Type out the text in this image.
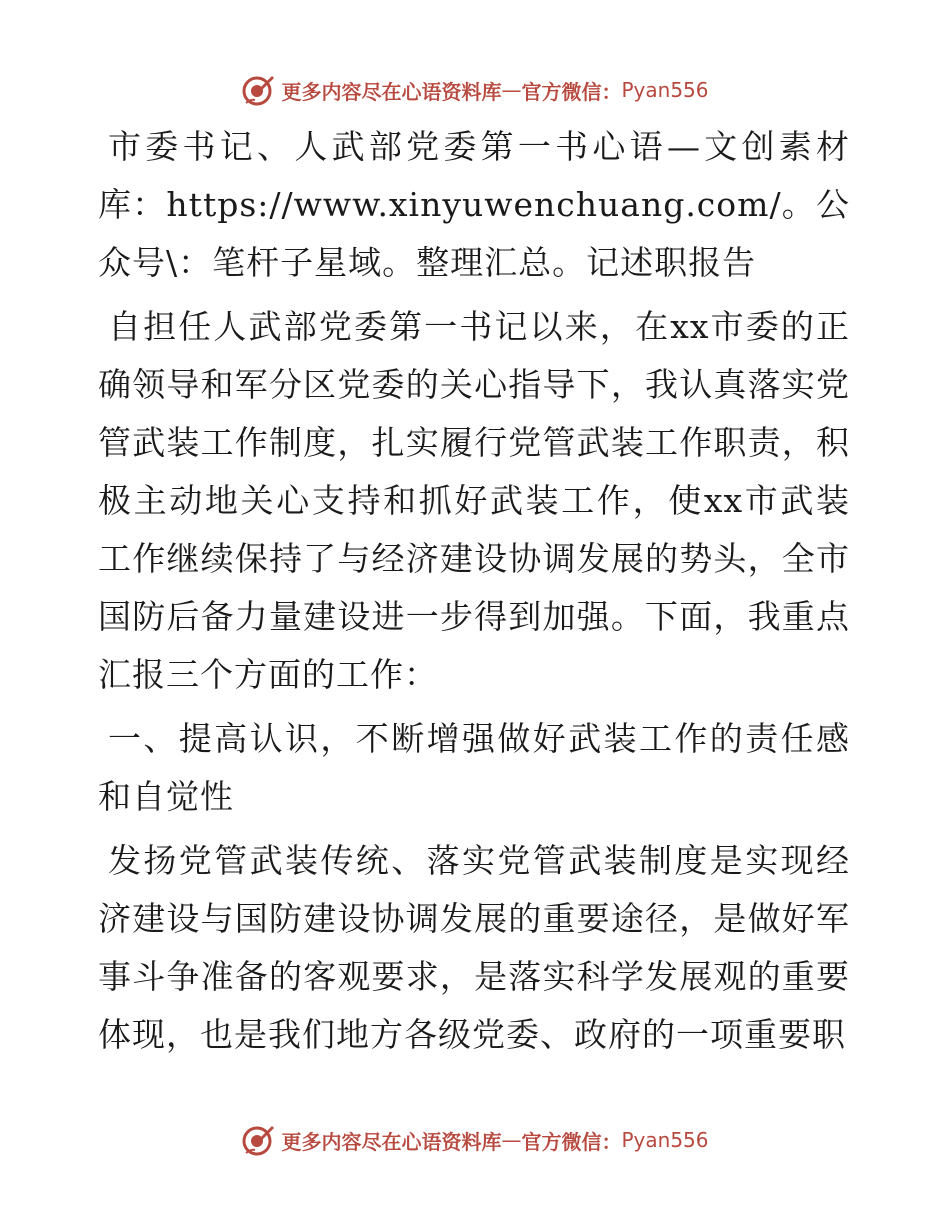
更多内容尽在心语资料库 — 官方微信： Pyan556

市委书记、人武部党委第一书心语—文创素材库：https://www.xinyuwenchuang.com/。公众号\：笔杆子星域。整理汇总。记述职报告

自担任人武部党委第一书记以来，在xx市委的正确领导和军分区党委的关心指导下，我认真落实党管武装工作制度，扎实履行党管武装工作职责，积极主动地关心支持和抓好武装工作，使xx市武装工作继续保持了与经济建设协调发展的势头，全市国防后备力量建设进一步得到加强。下面，我重点汇报三个方面的工作：

一、提高认识，不断增强做好武装工作的责任感和自觉性

发扬党管武装传统、落实党管武装制度是实现经济建设与国防建设协调发展的重要途径，是做好军事斗争准备的客观要求，是落实科学发展观的重要体现，也是我们地方各级党委、政府的一项重要职

更多内容尽在心语资料库 — 官方微信： Pyan556
